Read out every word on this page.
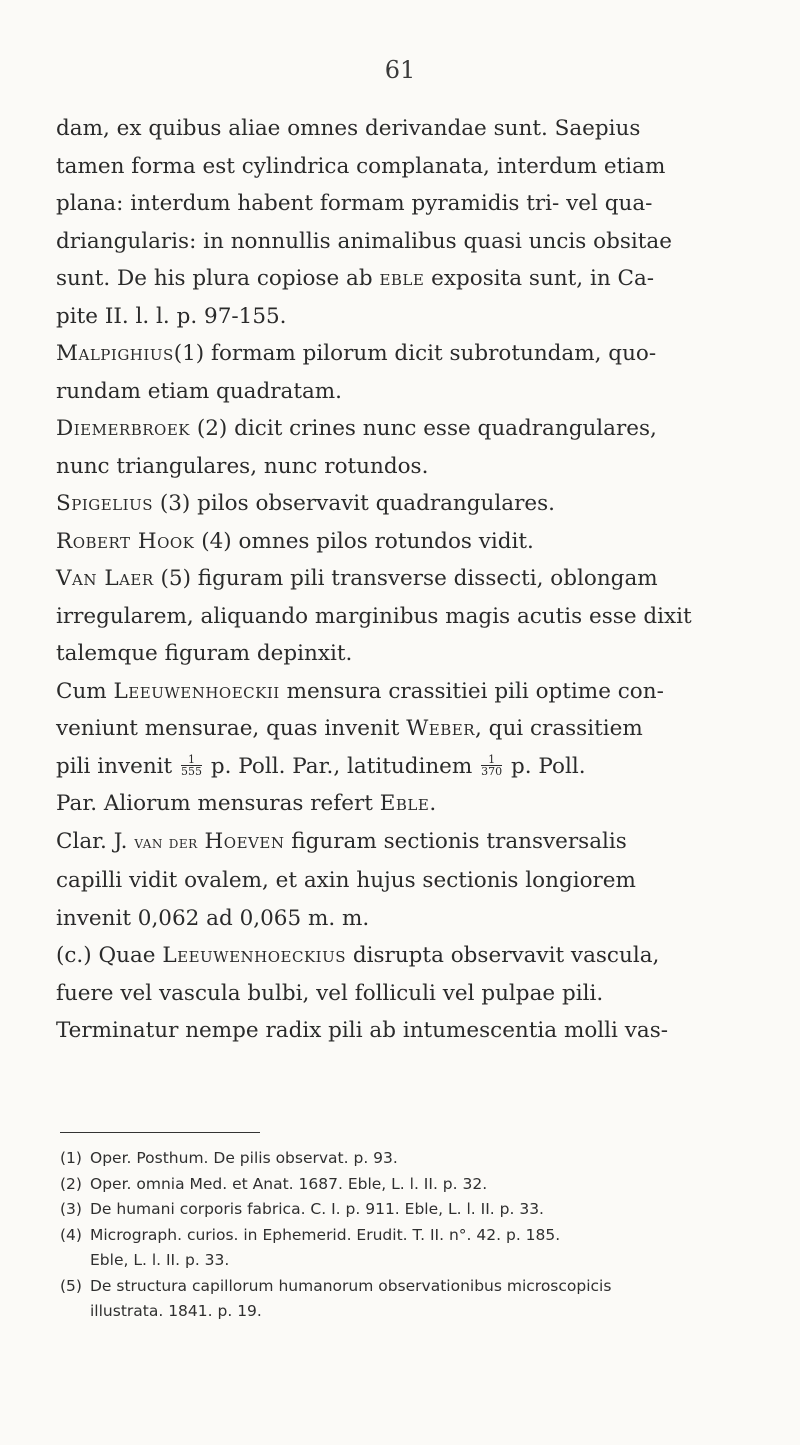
61

dam, ex quibus aliae omnes derivandae sunt. Saepius

tamen forma est cylindrica complanata, interdum etiam

plana: interdum habent formam pyramidis tri- vel qua-

driangularis: in nonnullis animalibus quasi uncis obsitae

sunt. De his plura copiose ab eble exposita sunt, in Ca-

pite II. l. l. p. 97-155.

Malpighius(1) formam pilorum dicit subrotundam, quo-

rundam etiam quadratam.

Diemerbroek (2) dicit crines nunc esse quadrangulares,

nunc triangulares, nunc rotundos.

Spigelius (3) pilos observavit quadrangulares.

Robert Hook (4) omnes pilos rotundos vidit.

Van Laer (5) figuram pili transverse dissecti, oblongam

irregularem, aliquando marginibus magis acutis esse dixit

talemque figuram depinxit.

Cum Leeuwenhoeckii mensura crassitiei pili optime con-

veniunt mensurae, quas invenit Weber, qui crassitiem

pili invenit $\frac{1}{555} p$. Poll. Par., latitudinem $\frac{1}{370} p$. Poll.

Par. Aliorum mensuras refert Eble.

Clar. J. van der Hoeven figuram sectionis transversalis

capilli vidit ovalem, et axin hujus sectionis longiorem

invenit 0,062 ad 0,065 m. m.

(c.) Quae Leeuwenhoeckius disrupta observavit vascula,

fuere vel vascula bulbi, vel folliculi vel pulpae pili.

Terminatur nempe radix pili ab intumescentia molli vas-

(1) Oper. Posthum. De pilis observat. p. 93.
(2) Oper. omnia Med. et Anat. 1687. Eble, L. l. II. p. 32.
(3) De humani corporis fabrica. C. I. p. 911. Eble, L. l. II. p. 33.
(4) Micrograph. curios. in Ephemerid. Erudit. T. II. n°. 42. p. 185.
Eble, L. l. II. p. 33.
(5) De structura capillorum humanorum observationibus microscopicis
illustrata. 1841. p. 19.
